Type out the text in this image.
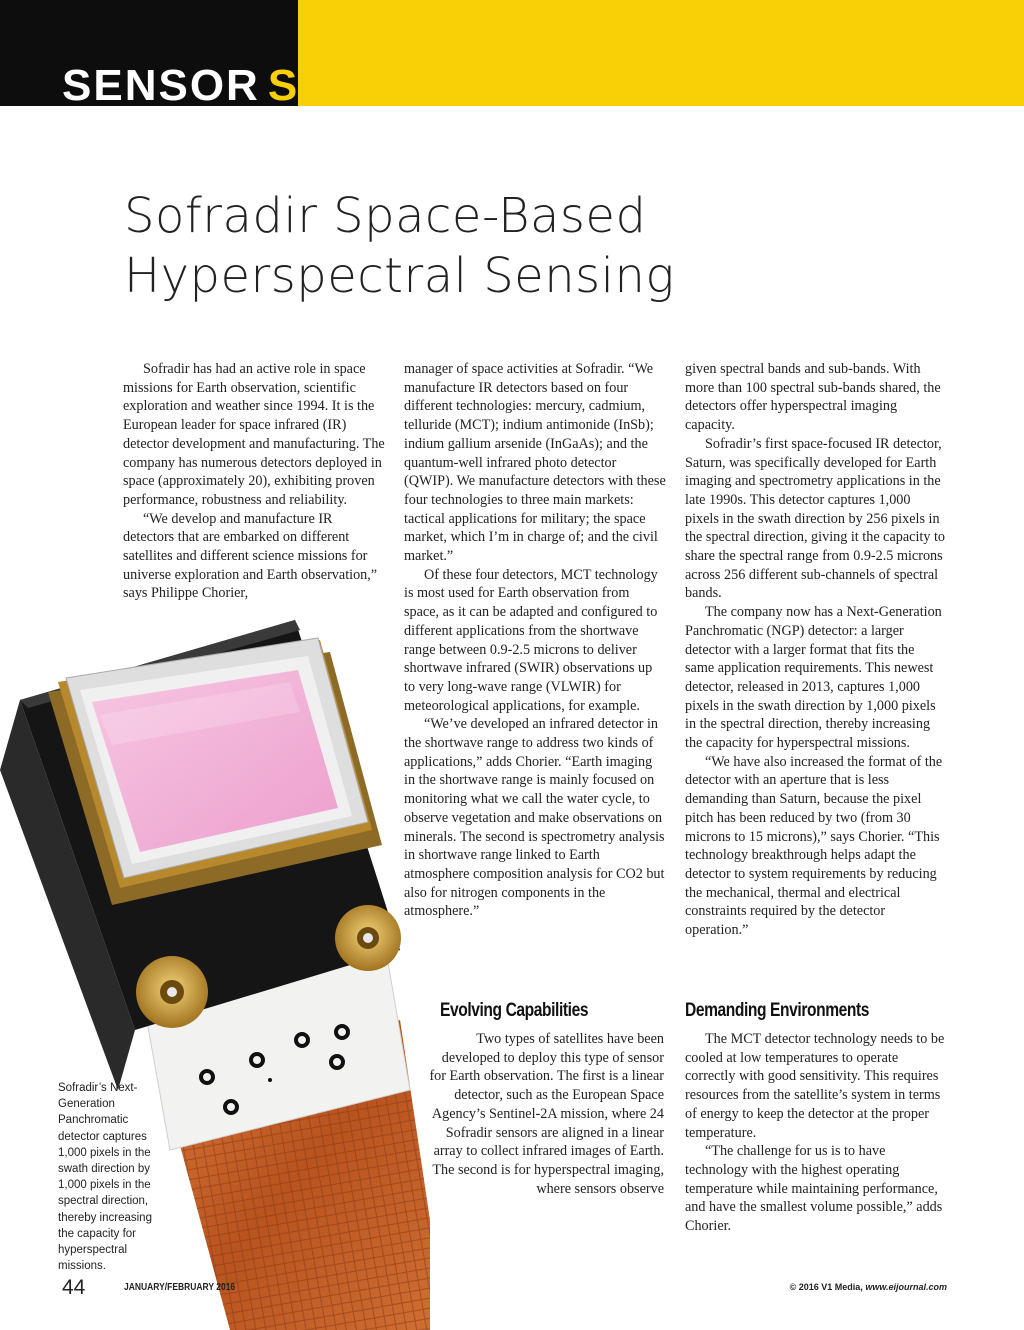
SENSOR SPOTLIGHT
Sofradir Space-Based
Hyperspectral Sensing

Sofradir has had an active role in space missions for Earth observation, scientific exploration and weather since 1994. It is the European leader for space infrared (IR) detector development and manufacturing. The company has numerous detectors deployed in space (approximately 20), exhibiting proven performance, robustness and reliability.

“We develop and manufacture IR detectors that are embarked on different satellites and different science missions for universe exploration and Earth observation,” says Philippe Chorier,

manager of space activities at Sofradir. “We manufacture IR detectors based on four different technologies: mercury, cadmium, telluride (MCT); indium antimonide (InSb); indium gallium arsenide (InGaAs); and the quantum-well infrared photo detector (QWIP). We manufacture detectors with these four technologies to three main markets: tactical applications for military; the space market, which I’m in charge of; and the civil market.”

Of these four detectors, MCT technology is most used for Earth observation from space, as it can be adapted and configured to different applications from the shortwave range between 0.9-2.5 microns to deliver shortwave infrared (SWIR) observations up to very long-wave range (VLWIR) for meteorological applications, for example.

“We’ve developed an infrared detector in the shortwave range to address two kinds of applications,” adds Chorier. “Earth imaging in the shortwave range is mainly focused on monitoring what we call the water cycle, to observe vegetation and make observations on minerals. The second is spectrometry analysis in shortwave range linked to Earth atmosphere composition analysis for CO2 but also for nitrogen components in the atmosphere.”

given spectral bands and sub-bands. With more than 100 spectral sub-bands shared, the detectors offer hyperspectral imaging capacity.

Sofradir’s first space-focused IR detector, Saturn, was specifically developed for Earth imaging and spectrometry applications in the late 1990s. This detector captures 1,000 pixels in the swath direction by 256 pixels in the spectral direction, giving it the capacity to share the spectral range from 0.9-2.5 microns across 256 different sub-channels of spectral bands.

The company now has a Next-Generation Panchromatic (NGP) detector: a larger detector with a larger format that fits the same application requirements. This newest detector, released in 2013, captures 1,000 pixels in the swath direction by 1,000 pixels in the spectral direction, thereby increasing the capacity for hyperspectral missions.

“We have also increased the format of the detector with an aperture that is less demanding than Saturn, because the pixel pitch has been reduced by two (from 30 microns to 15 microns),” says Chorier. “This technology breakthrough helps adapt the detector to system requirements by reducing the mechanical, thermal and electrical constraints required by the detector operation.”

Evolving Capabilities

Two types of satellites have been developed to deploy this type of sensor for Earth observation. The first is a linear detector, such as the European Space Agency’s Sentinel-2A mission, where 24 Sofradir sensors are aligned in a linear array to collect infrared images of Earth. The second is for hyperspectral imaging, where sensors observe

Demanding Environments

The MCT detector technology needs to be cooled at low temperatures to operate correctly with good sensitivity. This requires resources from the satellite’s system in terms of energy to keep the detector at the proper temperature.

“The challenge for us is to have technology with the highest operating temperature while maintaining performance, and have the smallest volume possible,” adds Chorier.

Sofradir’s Next-Generation Panchromatic detector captures 1,000 pixels in the swath direction by 1,000 pixels in the spectral direction, thereby increasing the capacity for hyperspectral missions.
44	JANUARY/FEBRUARY 2016	© 2016 V1 Media, www.eijournal.com
